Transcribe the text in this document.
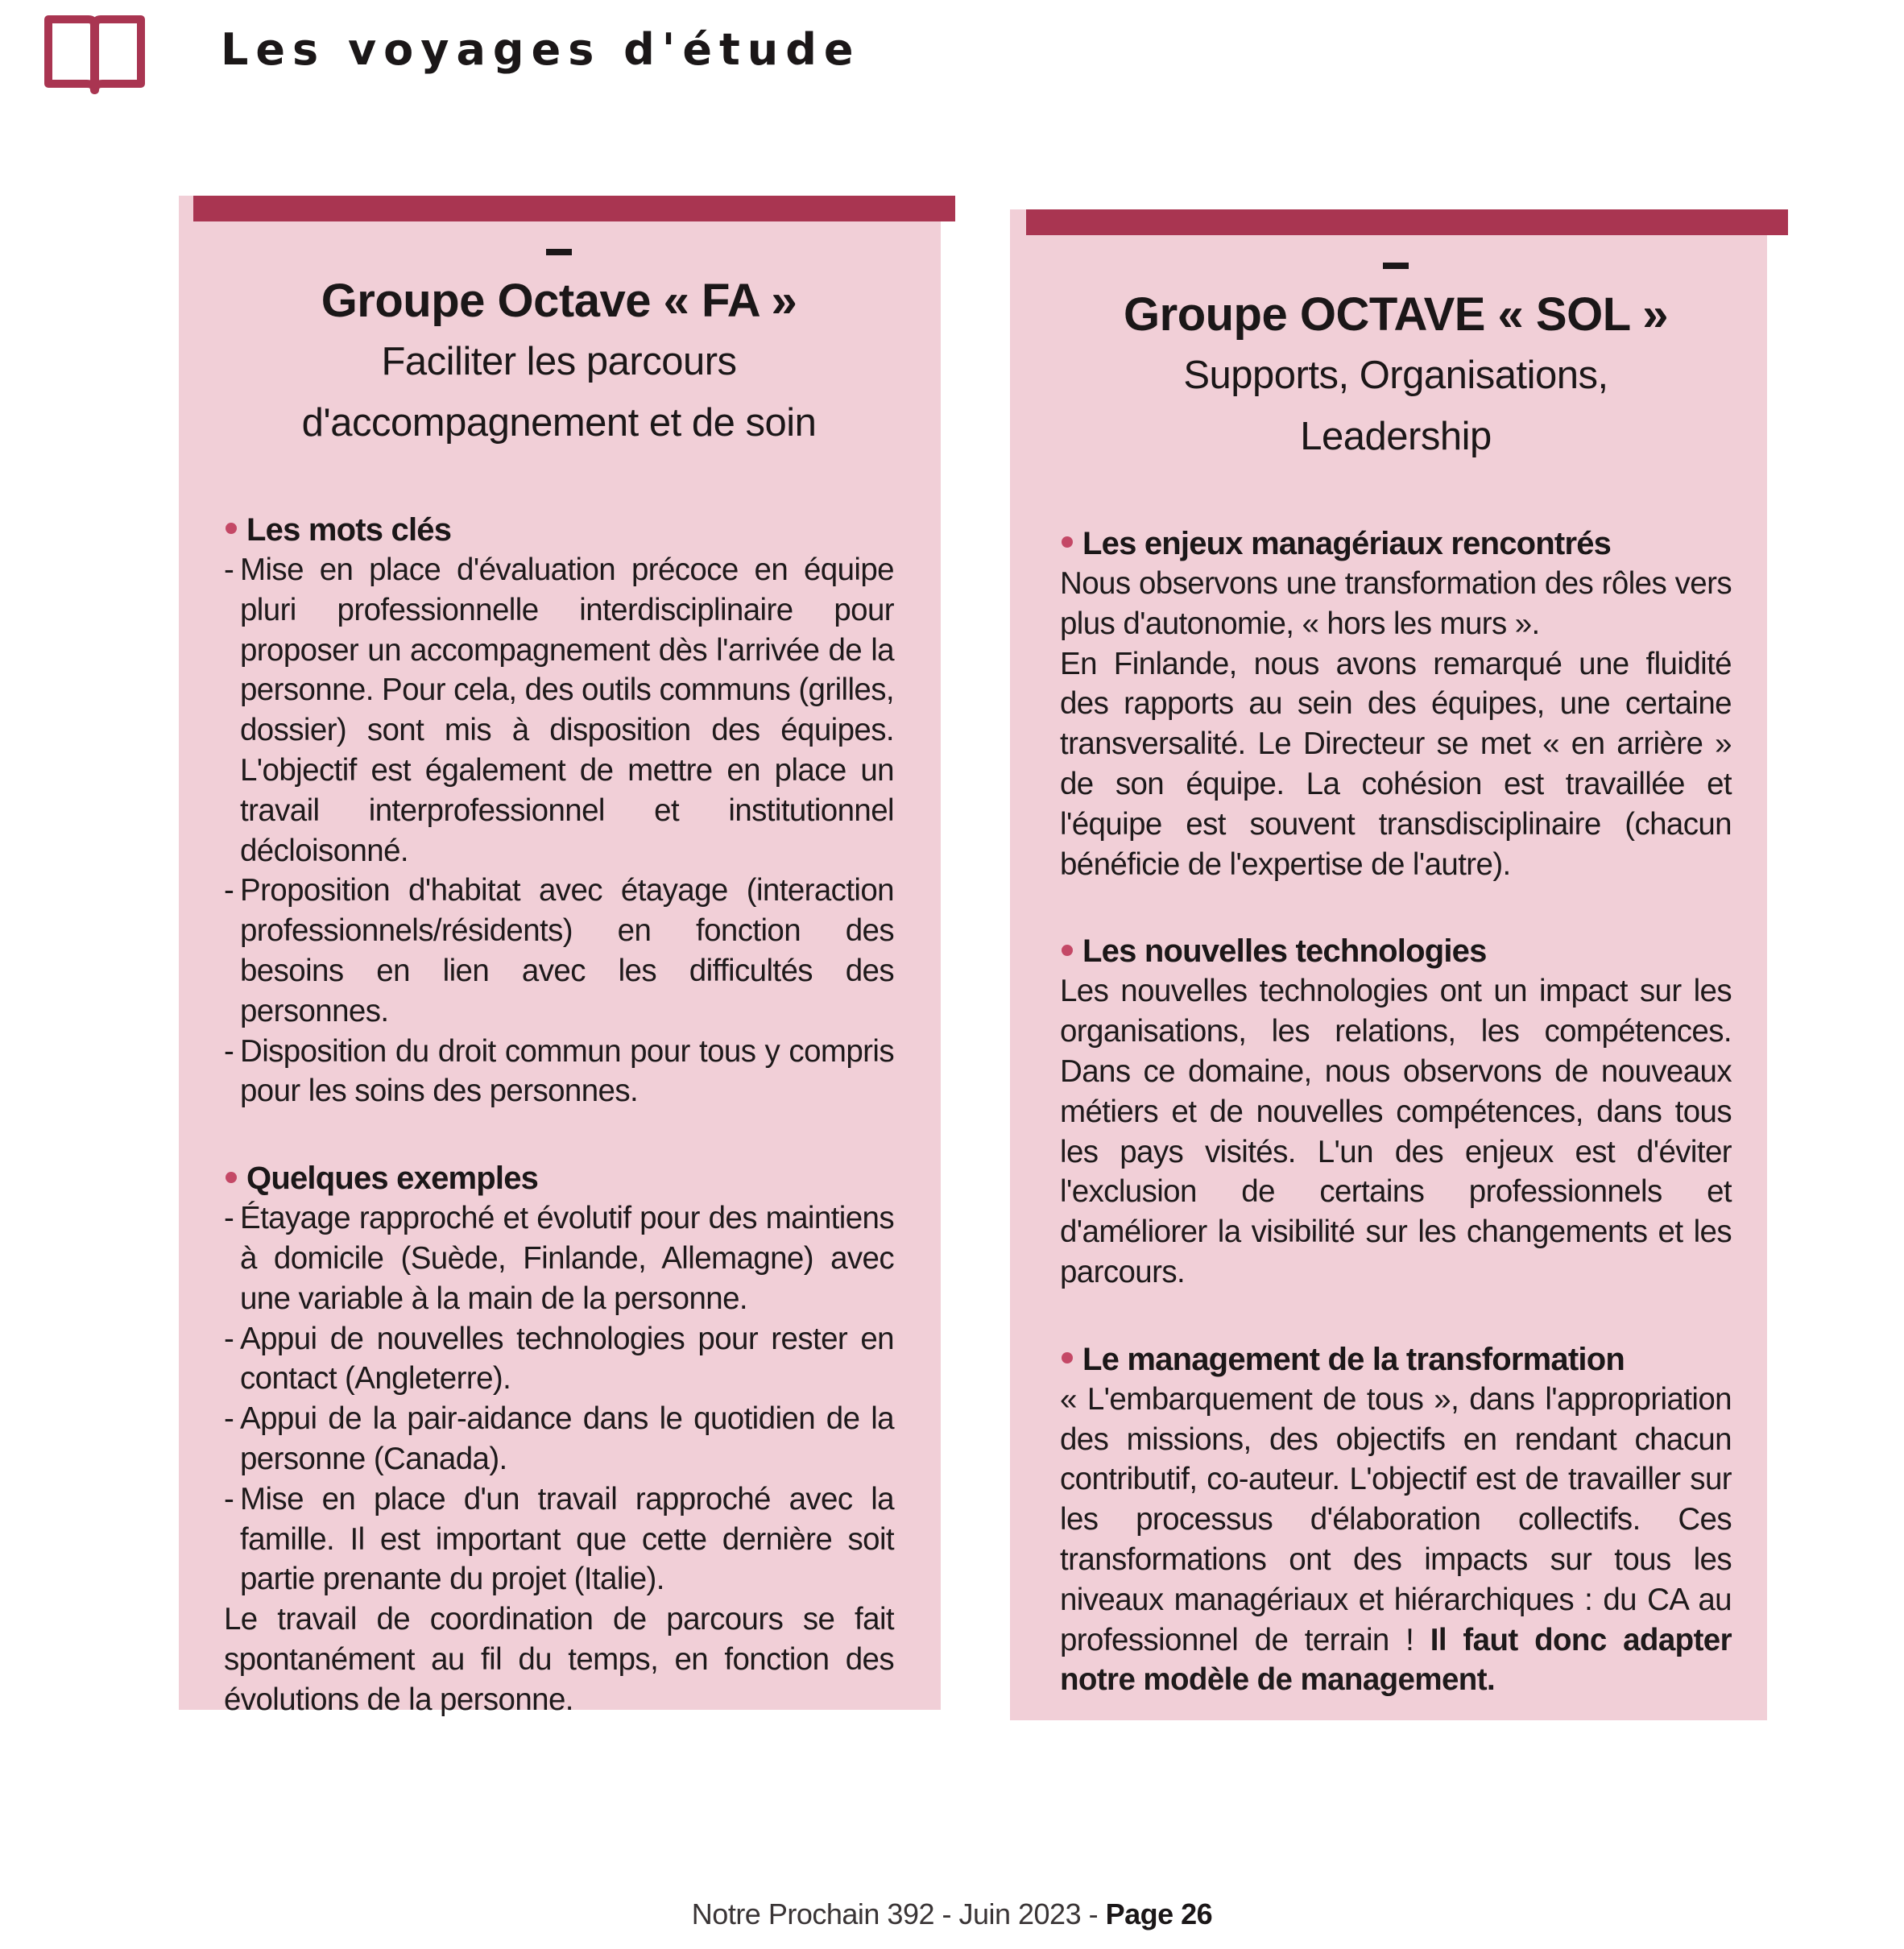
Les voyages d'étude
Groupe Octave « FA »
Faciliter les parcours
d'accompagnement et de soin
Les mots clés
- Mise en place d'évaluation précoce en équipe pluri professionnelle interdisciplinaire pour proposer un accompagnement dès l'arrivée de la personne. Pour cela, des outils communs (grilles, dossier) sont mis à disposition des équipes. L'objectif est également de mettre en place un travail interprofessionnel et institutionnel décloisonné.
- Proposition d'habitat avec étayage (interaction professionnels/résidents) en fonction des besoins en lien avec les difficultés des personnes.
- Disposition du droit commun pour tous y compris pour les soins des personnes.
Quelques exemples
- Étayage rapproché et évolutif pour des maintiens à domicile (Suède, Finlande, Allemagne) avec une variable à la main de la personne.
- Appui de nouvelles technologies pour rester en contact (Angleterre).
- Appui de la pair-aidance dans le quotidien de la personne (Canada).
- Mise en place d'un travail rapproché avec la famille. Il est important que cette dernière soit partie prenante du projet (Italie).
Le travail de coordination de parcours se fait spontanément au fil du temps, en fonction des évolutions de la personne.
Groupe OCTAVE « SOL »
Supports, Organisations,
Leadership
Les enjeux managériaux rencontrés
Nous observons une transformation des rôles vers plus d'autonomie, « hors les murs ».
En Finlande, nous avons remarqué une fluidité des rapports au sein des équipes, une certaine transversalité. Le Directeur se met « en arrière » de son équipe. La cohésion est travaillée et l'équipe est souvent transdisciplinaire (chacun bénéficie de l'expertise de l'autre).
Les nouvelles technologies
Les nouvelles technologies ont un impact sur les organisations, les relations, les compétences. Dans ce domaine, nous observons de nouveaux métiers et de nouvelles compétences, dans tous les pays visités. L'un des enjeux est d'éviter l'exclusion de certains professionnels et d'améliorer la visibilité sur les changements et les parcours.
Le management de la transformation
« L'embarquement de tous », dans l'appropriation des missions, des objectifs en rendant chacun contributif, co-auteur. L'objectif est de travailler sur les processus d'élaboration collectifs. Ces transformations ont des impacts sur tous les niveaux managériaux et hiérarchiques : du CA au professionnel de terrain ! Il faut donc adapter notre modèle de management.
Notre Prochain 392 - Juin 2023 - Page 26
